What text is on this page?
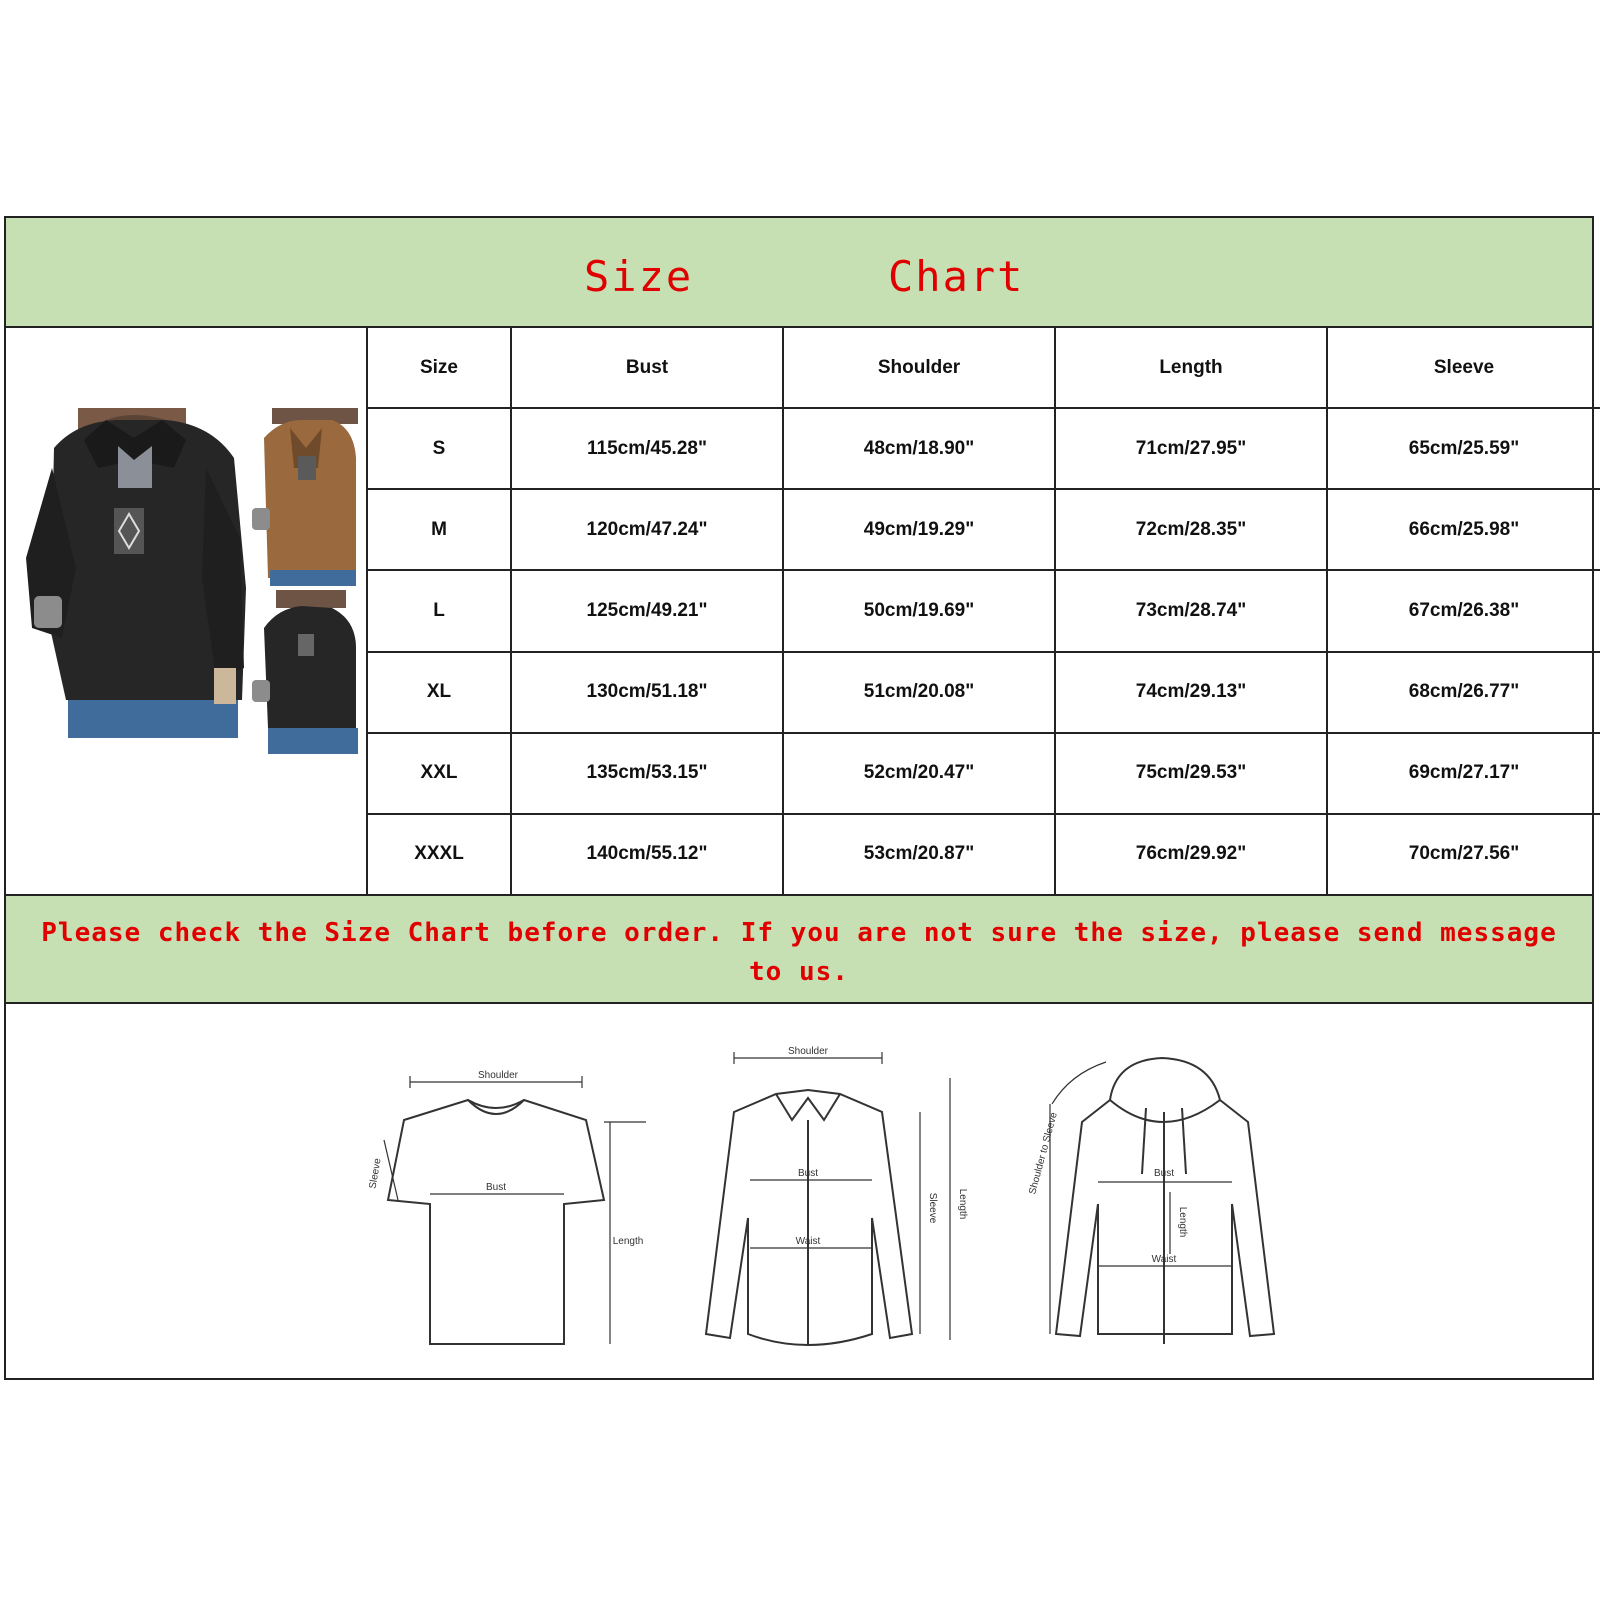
Size	Chart
Size	Bust	Shoulder	Length	Sleeve
S	115cm/45.28"	48cm/18.90"	71cm/27.95"	65cm/25.59"
M	120cm/47.24"	49cm/19.29"	72cm/28.35"	66cm/25.98"
L	125cm/49.21"	50cm/19.69"	73cm/28.74"	67cm/26.38"
XL	130cm/51.18"	51cm/20.08"	74cm/29.13"	68cm/26.77"
XXL	135cm/53.15"	52cm/20.47"	75cm/29.53"	69cm/27.17"
XXXL	140cm/55.12"	53cm/20.87"	76cm/29.92"	70cm/27.56"
Please check the Size Chart before order. If you are not sure the size, please send message to us.
Shoulder
Bust
Length
Sleeve
Shoulder
Bust
Waist
Sleeve Length
Shoulder to Sleeve	Bust
Length
Waist
